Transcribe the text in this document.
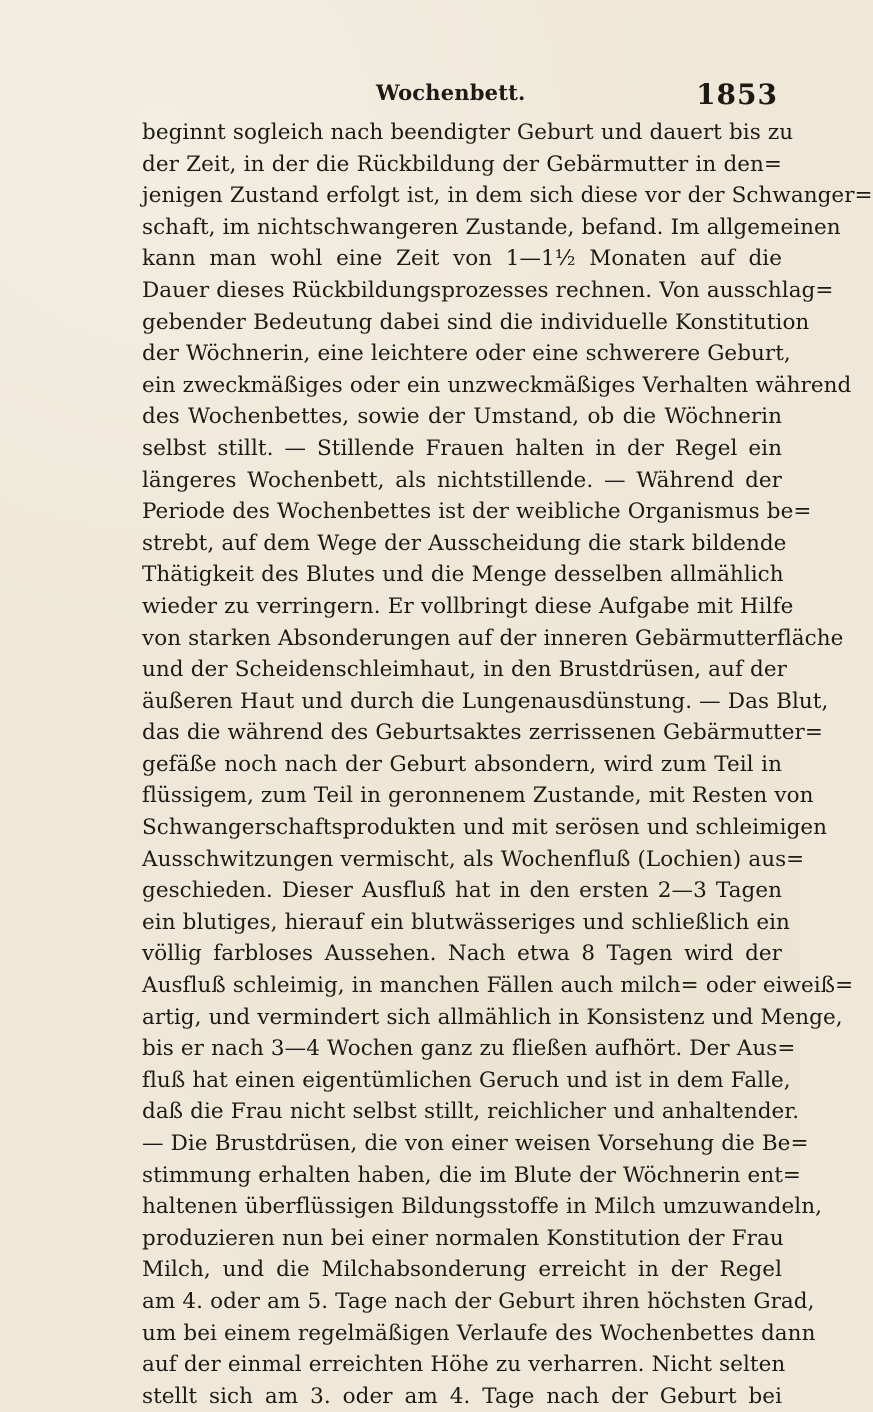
Wochenbett.	1853
beginnt sogleich nach beendigter Geburt und dauert bis zu
der Zeit, in der die Rückbildung der Gebärmutter in den=
jenigen Zustand erfolgt ist, in dem sich diese vor der Schwanger=
schaft, im nichtschwangeren Zustande, befand. Im allgemeinen
kann man wohl eine Zeit von 1—1½ Monaten auf die
Dauer dieses Rückbildungsprozesses rechnen. Von ausschlag=
gebender Bedeutung dabei sind die individuelle Konstitution
der Wöchnerin, eine leichtere oder eine schwerere Geburt,
ein zweckmäßiges oder ein unzweckmäßiges Verhalten während
des Wochenbettes, sowie der Umstand, ob die Wöchnerin
selbst stillt. — Stillende Frauen halten in der Regel ein
längeres Wochenbett, als nichtstillende. — Während der
Periode des Wochenbettes ist der weibliche Organismus be=
strebt, auf dem Wege der Ausscheidung die stark bildende
Thätigkeit des Blutes und die Menge desselben allmählich
wieder zu verringern. Er vollbringt diese Aufgabe mit Hilfe
von starken Absonderungen auf der inneren Gebärmutterfläche
und der Scheidenschleimhaut, in den Brustdrüsen, auf der
äußeren Haut und durch die Lungenausdünstung. — Das Blut,
das die während des Geburtsaktes zerrissenen Gebärmutter=
gefäße noch nach der Geburt absondern, wird zum Teil in
flüssigem, zum Teil in geronnenem Zustande, mit Resten von
Schwangerschaftsprodukten und mit serösen und schleimigen
Ausschwitzungen vermischt, als Wochenfluß (Lochien) aus=
geschieden. Dieser Ausfluß hat in den ersten 2—3 Tagen
ein blutiges, hierauf ein blutwässeriges und schließlich ein
völlig farbloses Aussehen. Nach etwa 8 Tagen wird der
Ausfluß schleimig, in manchen Fällen auch milch= oder eiweiß=
artig, und vermindert sich allmählich in Konsistenz und Menge,
bis er nach 3—4 Wochen ganz zu fließen aufhört. Der Aus=
fluß hat einen eigentümlichen Geruch und ist in dem Falle,
daß die Frau nicht selbst stillt, reichlicher und anhaltender.
— Die Brustdrüsen, die von einer weisen Vorsehung die Be=
stimmung erhalten haben, die im Blute der Wöchnerin ent=
haltenen überflüssigen Bildungsstoffe in Milch umzuwandeln,
produzieren nun bei einer normalen Konstitution der Frau
Milch, und die Milchabsonderung erreicht in der Regel
am 4. oder am 5. Tage nach der Geburt ihren höchsten Grad,
um bei einem regelmäßigen Verlaufe des Wochenbettes dann
auf der einmal erreichten Höhe zu verharren. Nicht selten
stellt sich am 3. oder am 4. Tage nach der Geburt bei
